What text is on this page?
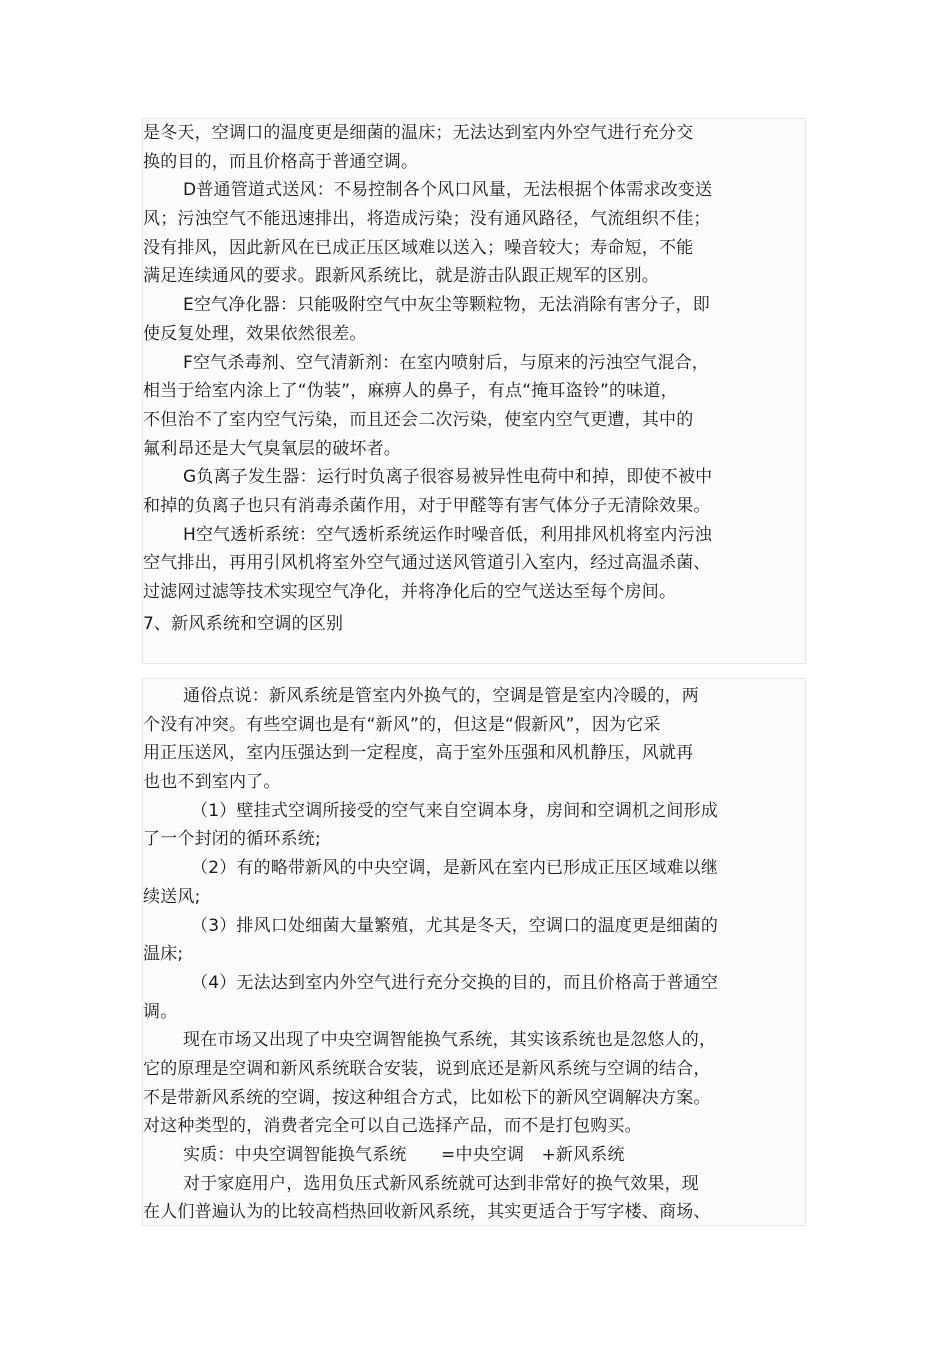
是冬天，空调口的温度更是细菌的温床；无法达到室内外空气进行充分交
换的目的，而且价格高于普通空调。
D普通管道式送风：不易控制各个风口风量，无法根据个体需求改变送
风；污浊空气不能迅速排出，将造成污染；没有通风路径，气流组织不佳；
没有排风，因此新风在已成正压区域难以送入；噪音较大；寿命短，不能
满足连续通风的要求。跟新风系统比，就是游击队跟正规军的区别。
E空气净化器：只能吸附空气中灰尘等颗粒物，无法消除有害分子，即
使反复处理，效果依然很差。
F空气杀毒剂、空气清新剂：在室内喷射后，与原来的污浊空气混合，
相当于给室内涂上了“伪装”，麻痹人的鼻子，有点“掩耳盗铃”的味道，
不但治不了室内空气污染，而且还会二次污染，使室内空气更遭，其中的
氟利昂还是大气臭氧层的破坏者。
G负离子发生器：运行时负离子很容易被异性电荷中和掉，即使不被中
和掉的负离子也只有消毒杀菌作用，对于甲醛等有害气体分子无清除效果。
H空气透析系统：空气透析系统运作时噪音低，利用排风机将室内污浊
空气排出，再用引风机将室外空气通过送风管道引入室内，经过高温杀菌、
过滤网过滤等技术实现空气净化，并将净化后的空气送达至每个房间。
7、新风系统和空调的区别
通俗点说：新风系统是管室内外换气的，空调是管是室内冷暖的，两
个没有冲突。有些空调也是有“新风”的，但这是“假新风”，因为它采
用正压送风，室内压强达到一定程度，高于室外压强和风机静压，风就再
也也不到室内了。
（1）壁挂式空调所接受的空气来自空调本身，房间和空调机之间形成
了一个封闭的循环系统;
（2）有的略带新风的中央空调，是新风在室内已形成正压区域难以继
续送风;
（3）排风口处细菌大量繁殖，尤其是冬天，空调口的温度更是细菌的
温床;
（4）无法达到室内外空气进行充分交换的目的，而且价格高于普通空
调。
现在市场又出现了中央空调智能换气系统，其实该系统也是忽悠人的，
它的原理是空调和新风系统联合安装，说到底还是新风系统与空调的结合，
不是带新风系统的空调，按这种组合方式，比如松下的新风空调解决方案。
对这种类型的，消费者完全可以自己选择产品，而不是打包购买。
实质：中央空调智能换气系统　　=中央空调　+新风系统
对于家庭用户，选用负压式新风系统就可达到非常好的换气效果，现
在人们普遍认为的比较高档热回收新风系统，其实更适合于写字楼、商场、
